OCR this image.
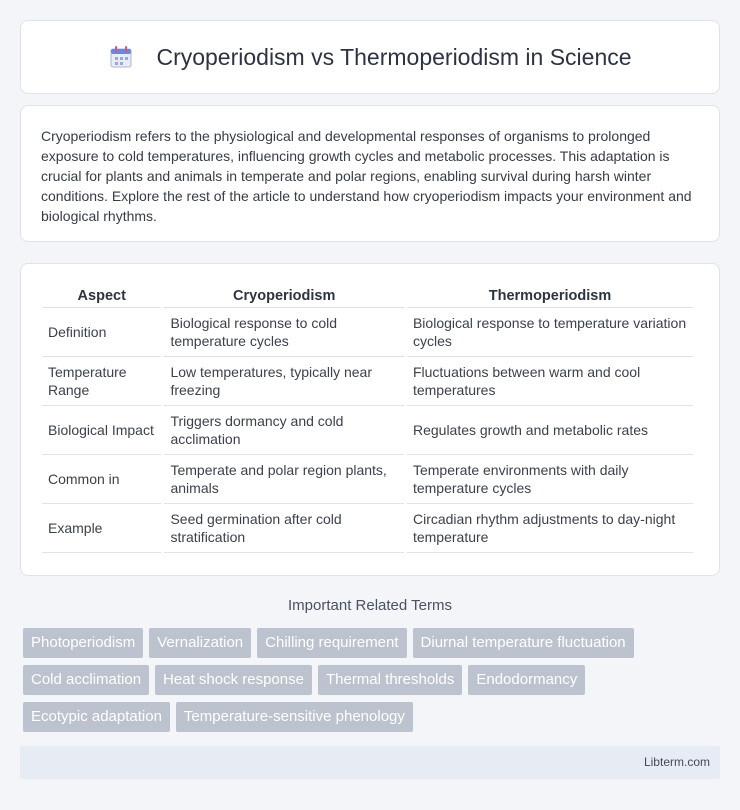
Cryoperiodism vs Thermoperiodism in Science

Cryoperiodism refers to the physiological and developmental responses of organisms to prolonged exposure to cold temperatures, influencing growth cycles and metabolic processes. This adaptation is crucial for plants and animals in temperate and polar regions, enabling survival during harsh winter conditions. Explore the rest of the article to understand how cryoperiodism impacts your environment and biological rhythms.

Aspect	Cryoperiodism	Thermoperiodism
Definition	Biological response to cold temperature cycles	Biological response to temperature variation cycles
Temperature Range	Low temperatures, typically near freezing	Fluctuations between warm and cool temperatures
Biological Impact	Triggers dormancy and cold acclimation	Regulates growth and metabolic rates
Common in	Temperate and polar region plants, animals	Temperate environments with daily temperature cycles
Example	Seed germination after cold stratification	Circadian rhythm adjustments to day-night temperature
Important Related Terms
Photoperiodism	Vernalization	Chilling requirement	Diurnal temperature fluctuation
Cold acclimation	Heat shock response	Thermal thresholds	Endodormancy
Ecotypic adaptation	Temperature-sensitive phenology
Libterm.com
